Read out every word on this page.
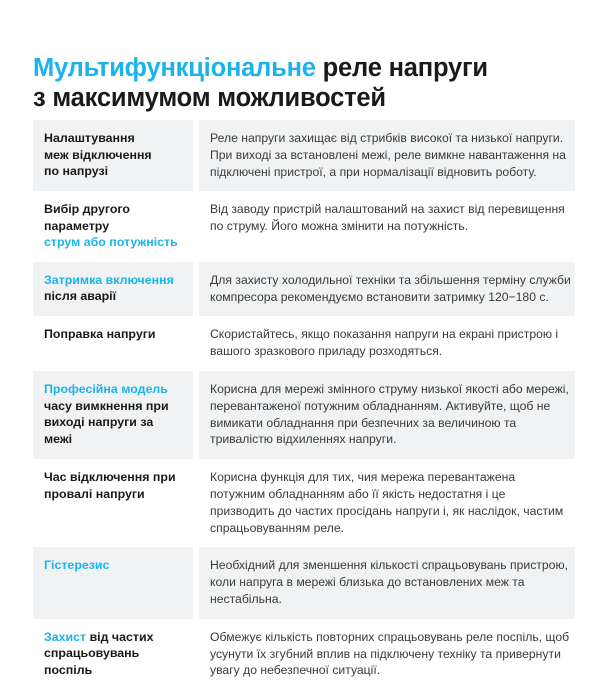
Мультифункціональне реле напруги
з максимумом можливостей
Налаштування
меж відключення
по напрузі
Реле напруги захищає від стрибків високої та низької напруги. При виході за встановлені межі, реле вимкне навантаження на підключені пристрої, а при нормалізації відновить роботу.
Вибір другого параметру
струм або потужність
Від заводу пристрій налаштований на захист від перевищення по струму. Його можна змінити на потужність.
Затримка включення
після аварії
Для захисту холодильної техніки та збільшення терміну служби компресора рекомендуємо встановити затримку 120−180 с.
Поправка напруги	Скористайтесь, якщо показання напруги на екрані пристрою і вашого зразкового приладу розходяться.
Професійна модель
часу вимкнення при
виході напруги за межі
Корисна для мережі змінного струму низької якості або мережі, перевантаженої потужним обладнанням. Активуйте, щоб не вимикати обладнання при безпечних за величиною та тривалістю відхиленнях напруги.
Час відключення при
провалі напруги
Корисна функція для тих, чия мережа перевантажена потужним обладнанням або її якість недостатня і це призводить до частих просідань напруги і, як наслідок, частим спрацьовуванням реле.
Гістерезис	Необхідний для зменшення кількості спрацьовувань пристрою, коли напруга в мережі близька до встановлених меж та нестабільна.
Захист від частих
спрацьовувань поспіль
Обмежує кількість повторних спрацьовувань реле поспіль, щоб усунути їх згубний вплив на підключену техніку та привернути увагу до небезпечної ситуації.
